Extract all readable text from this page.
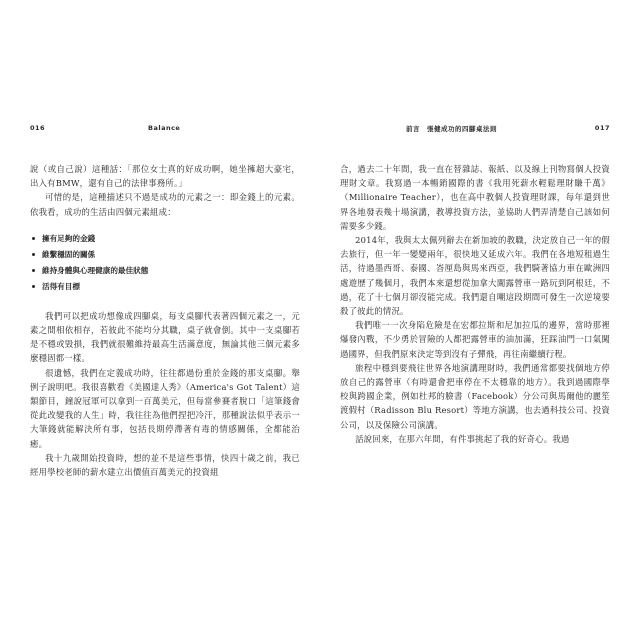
016	Balance

說（或自己說）這種話：「那位女士真的好成功啊，她坐擁超大豪宅，出入有BMW，還有自己的法律事務所。」

可惜的是，這種描述只不過是成功的元素之一：即金錢上的元素。依我看，成功的生活由四個元素組成：

擁有足夠的金錢
維繫穩固的關係
維持身體與心理健康的最佳狀態
活得有目標

我們可以把成功想像成四腳桌，每支桌腳代表著四個元素之一，元素之間相依相存，若彼此不能均分其職，桌子就會倒。其中一支桌腳若是不穩或毀損，我們就很難維持最高生活滿意度，無論其他三個元素多麼穩固都一樣。

很遺憾，我們在定義成功時，往往都過份重於金錢的那支桌腳。舉例子說明吧。我很喜歡看《美國達人秀》（America's Got Talent）這類節目，鐘說冠軍可以拿到一百萬美元，但每當參賽者脫口「這筆錢會從此改變我的人生」時，我往往為他們捏把冷汗，那種說法似乎表示一大筆錢就能解決所有事，包括長期停滯著有毒的情感關係，全都能治癒。

我十九歲開始投資時，想的並不是這些事情，快四十歲之前，我已經用學校老師的薪水建立出價值百萬美元的投資組

前言　張健成功的四腳桌法則	017

合，過去二十年間，我一直在替雜誌、報紙、以及線上刊物寫個人投資理財文章。我寫過一本暢銷國際的書《我用死薪水輕鬆理財賺千萬》（Millionaire Teacher），也在高中教個人投資理財課，每年還到世界各地發表幾十場演講，教導投資方法，並協助人們弄清楚自己該如何需要多少錢。

2014年，我與太太佩列辭去在新加坡的教職，決定放自己一年的假去旅行，但一年一變變兩年，很快地又延成六年。我們在各地短租過生活，待過墨西哥、泰國、峇厘島與馬來西亞，我們騎著協力車在歐洲四處遊歷了幾個月，我們本來還想從加拿大闖露營車一路玩到阿根廷，不過，花了十七個月卻沒能完成。我們還自嘲這段期間可發生一次逆境要殺了彼此的情況。

我們唯一一次身陷危險是在宏都拉斯和尼加拉瓜的邊界，當時那裡爆發內戰，不少勇於冒險的人都把露營車的油加滿，狂踩油門一口氣闖過國界，但我們原來決定等到沒有子彈飛，再往南繼續行程。

旅程中穩到要飛往世界各地演講理財時，我們通常都要找個地方停放自己的露營車（有時還會把車停在不太穩靠的地方）。我到過國際學校與跨國企業，例如杜邦的臉書（Facebook）分公司與馬爾他的麗笙渡假村（Radisson Blu Resort）等地方演講，也去過科技公司、投資公司，以及保險公司演講。

話說回來，在那六年間，有件事挑起了我的好奇心。我過
